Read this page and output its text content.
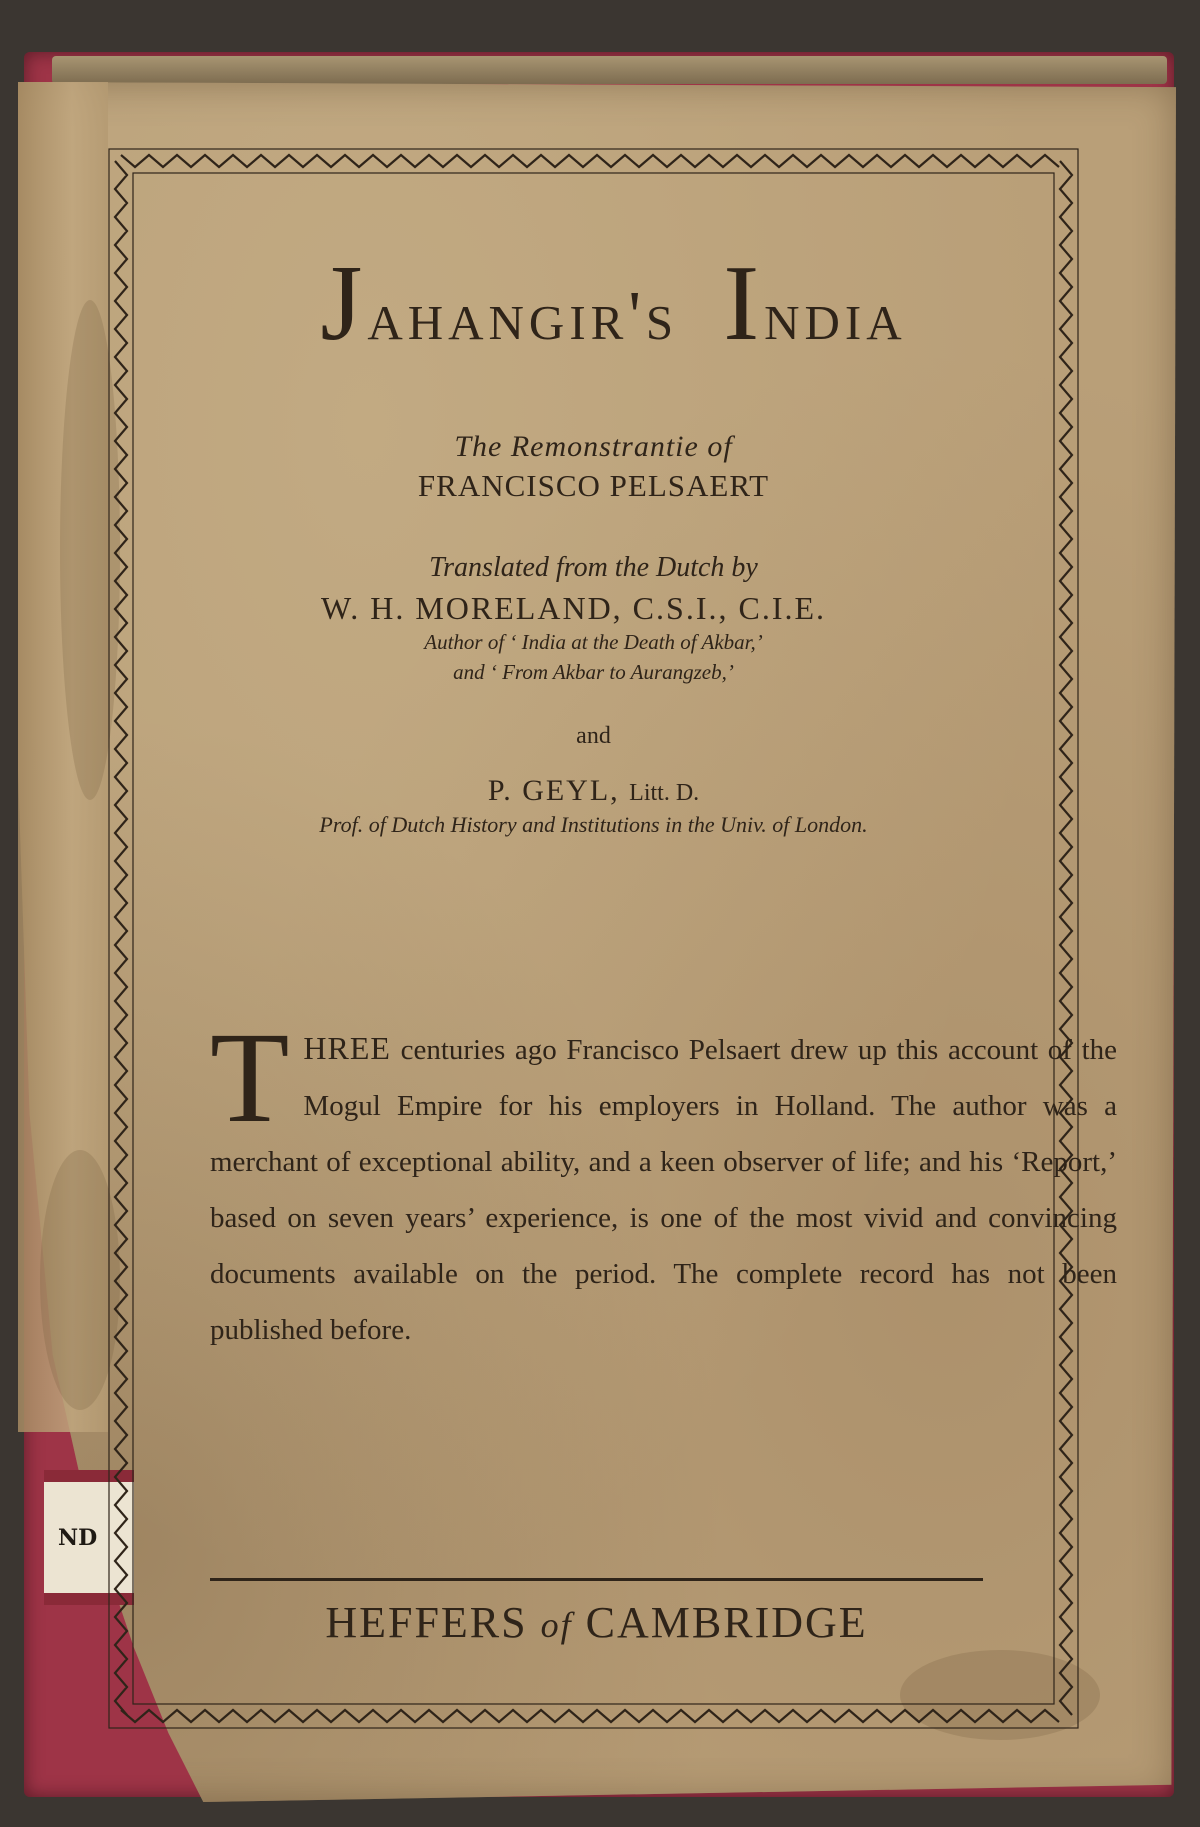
ND
Jahangir's India
The Remonstrantie of
FRANCISCO PELSAERT
Translated from the Dutch by
W. H. MORELAND, C.S.I., C.I.E.
Author of ‘ India at the Death of Akbar,’
and ‘ From Akbar to Aurangzeb,’
and
P. GEYL, Litt. D.
Prof. of Dutch History and Institutions in the Univ. of London.
THREE centuries ago Francisco Pelsaert drew up this account of the Mogul Empire for his employers in Holland. The author was a merchant of exceptional ability, and a keen observer of life; and his ‘Report,’ based on seven years’ experience, is one of the most vivid and convincing documents available on the period. The complete record has not been published before.
HEFFERS of CAMBRIDGE
